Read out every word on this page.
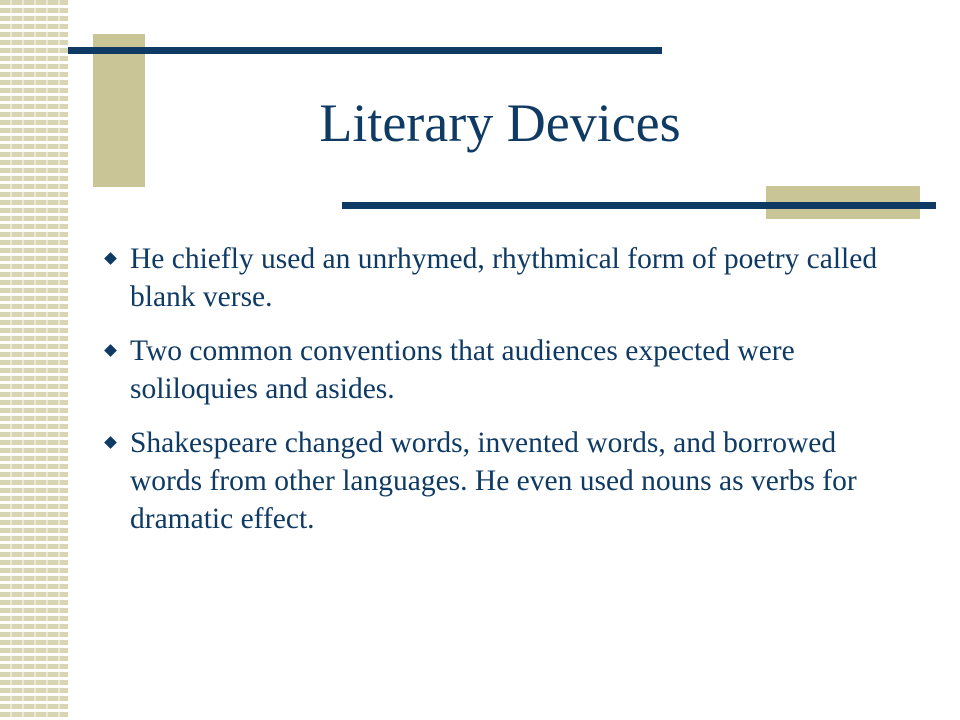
Literary Devices
He chiefly used an unrhymed, rhythmical form of poetry called blank verse.
Two common conventions that audiences expected were soliloquies and asides.
Shakespeare changed words, invented words, and borrowed words from other languages. He even used nouns as verbs for dramatic effect.
